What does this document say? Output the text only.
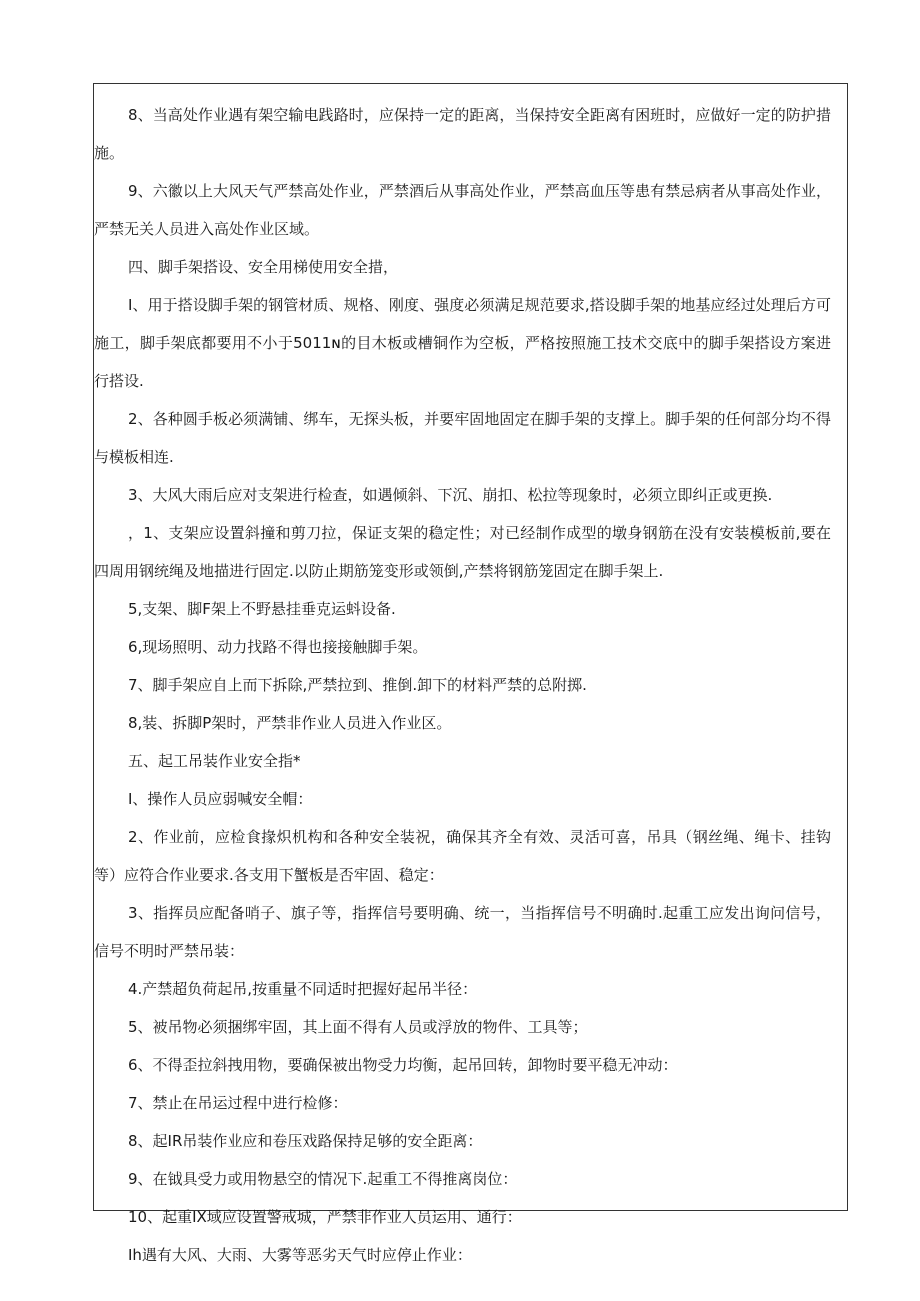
8、当高处作业遇有架空输电践路时，应保持一定的距离，当保持安全距离有困班时，应做好一定的防护措施。

9、六徽以上大风天气严禁高处作业，严禁酒后从事高处作业，严禁高血压等患有禁忌病者从事高处作业，严禁无关人员进入高处作业区域。

四、脚手架搭设、安全用梯使用安全措，

I、用于搭设脚手架的钢管材质、规格、刚度、强度必须满足规范要求,搭设脚手架的地基应经过处理后方可施工，脚手架底都要用不小于5011ɴ的目木板或槽铜作为空板，严格按照施工技术交底中的脚手架搭设方案进行搭设.

2、各种圆手板必须满铺、绑车，无探头板，并要牢固地固定在脚手架的支撑上。脚手架的任何部分均不得与模板相连.

3、大风大雨后应对支架进行检查，如遇倾斜、下沉、崩扣、松拉等现象时，必须立即纠正或更换.

，1、支架应设置斜撞和剪刀拉，保证支架的稳定性；对已经制作成型的墩身钢筋在没有安装模板前,要在四周用钢统绳及地描进行固定.以防止期筋笼变形或领倒,产禁将钢筋笼固定在脚手架上.

5,支架、脚F架上不野悬挂垂克运蚪设备.

6,现场照明、动力找路不得也接接触脚手架。

7、脚手架应自上而下拆除,严禁拉到、推倒.卸下的材料严禁的总附掷.

8,装、拆脚P架时，严禁非作业人员进入作业区。

五、起工吊装作业安全指*

I、操作人员应弱喊安全帽：

2、作业前，应检食掾炽机构和各种安全装祝，确保其齐全有效、灵活可喜，吊具（钢丝绳、绳卡、挂钩等）应符合作业要求.各支用下蟹板是否牢固、稳定：

3、指挥员应配备哨子、旗子等，指挥信号要明确、统一，当指挥信号不明确时.起重工应发出询问信号，信号不明时严禁吊装：

4.产禁超负荷起吊,按重量不同适时把握好起吊半径：

5、被吊物必须捆绑牢固，其上面不得有人员或浮放的物件、工具等；

6、不得歪拉斜拽用物，要确保被出物受力均衡，起吊回转，卸物时要平稳无冲动：

7、禁止在吊运过程中进行检修：

8、起IR吊装作业应和卷压戏路保持足够的安全距离：

9、在钺具受力或用物悬空的情况下.起重工不得推离岗位：

10、起重IX域应设置警戒城，严禁非作业人员运用、通行：

Ih遇有大风、大雨、大雾等恶劣天气时应停止作业：
